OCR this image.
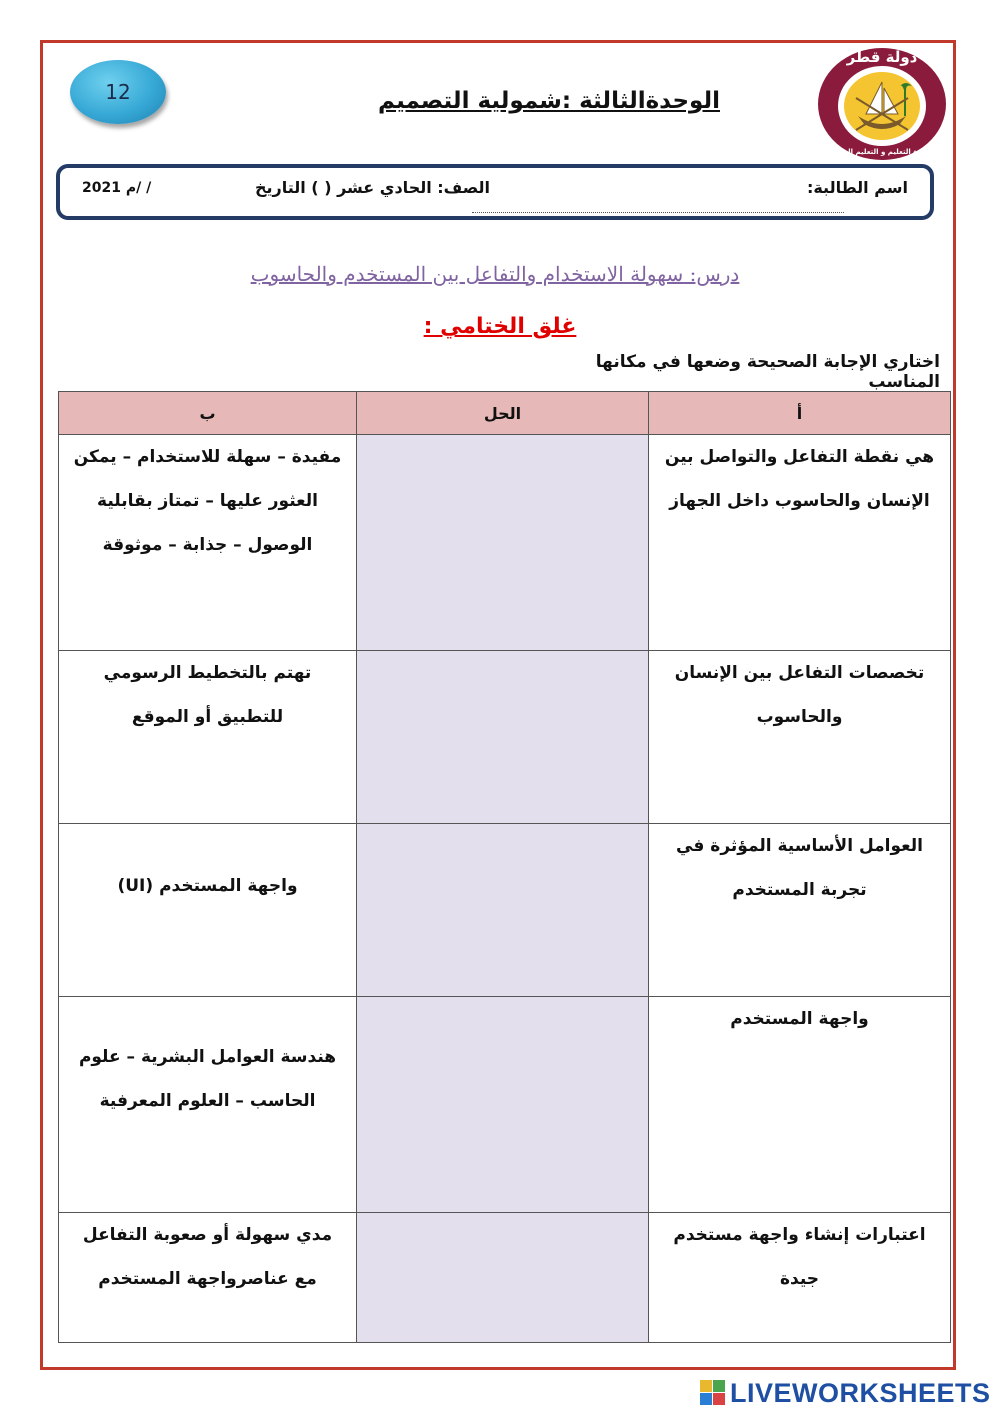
12
دولة قطر
وزارة التعليم و التعليم العالي
الوحدةالثالثة :شمولية التصميم
اسم الطالبة:
الصف: الحادي عشر ( ) التاريخ
م 2021/ /
درس: سهولة الاستخدام والتفاعل بين المستخدم والحاسوب
غلق الختامي :
اختاري الإجابة الصحيحة وضعها في مكانها المناسب
أ	الحل	ب
هي نقطة التفاعل والتواصل بين الإنسان والحاسوب داخل الجهاز		مفيدة – سهلة للاستخدام – يمكن العثور عليها – تمتاز بقابلية الوصول – جذابة – موثوقة
تخصصات التفاعل بين الإنسان والحاسوب		تهتم بالتخطيط الرسومي للتطبيق أو الموقع
العوامل الأساسية المؤثرة في تجربة المستخدم		واجهة المستخدم (UI)
واجهة المستخدم		هندسة العوامل البشرية – علوم الحاسب – العلوم المعرفية
اعتبارات إنشاء واجهة مستخدم جيدة		مدي سهولة أو صعوبة التفاعل مع عناصرواجهة المستخدم
LIVEWORKSHEETS
